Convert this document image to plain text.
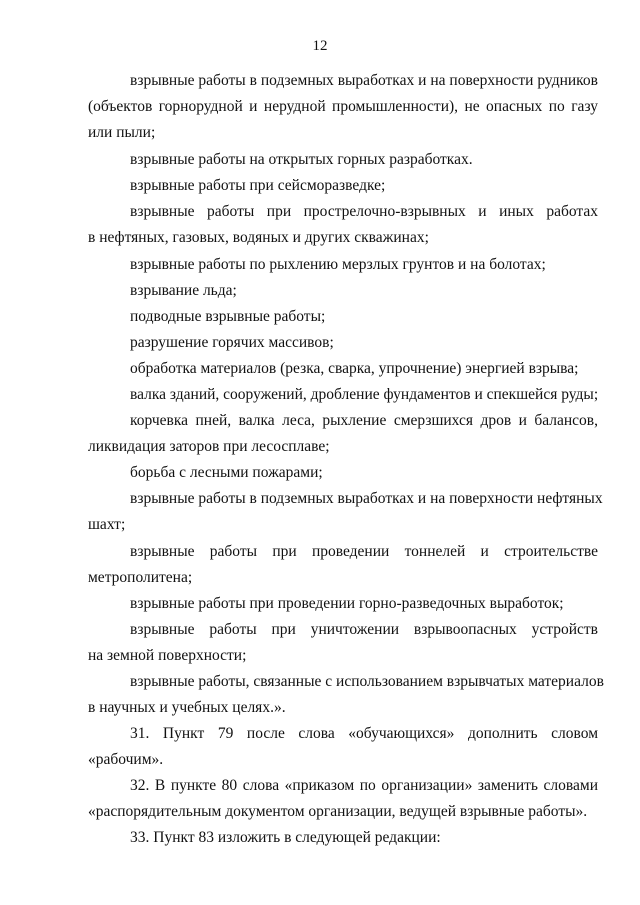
12
взрывные работы в подземных выработках и на поверхности рудников
(объектов горнорудной и нерудной промышленности), не опасных по газу
или пыли;
взрывные работы на открытых горных разработках.
взрывные работы при сейсморазведке;
взрывные работы при прострелочно-взрывных и иных работах
в нефтяных, газовых, водяных и других скважинах;
взрывные работы по рыхлению мерзлых грунтов и на болотах;
взрывание льда;
подводные взрывные работы;
разрушение горячих массивов;
обработка материалов (резка, сварка, упрочнение) энергией взрыва;
валка зданий, сооружений, дробление фундаментов и спекшейся руды;
корчевка пней, валка леса, рыхление смерзшихся дров и балансов,
ликвидация заторов при лесосплаве;
борьба с лесными пожарами;
взрывные работы в подземных выработках и на поверхности нефтяных
шахт;
взрывные работы при проведении тоннелей и строительстве
метрополитена;
взрывные работы при проведении горно-разведочных выработок;
взрывные работы при уничтожении взрывоопасных устройств
на земной поверхности;
взрывные работы, связанные с использованием взрывчатых материалов
в научных и учебных целях.».
31. Пункт 79 после слова «обучающихся» дополнить словом
«рабочим».
32. В пункте 80 слова «приказом по организации» заменить словами
«распорядительным документом организации, ведущей взрывные работы».
33. Пункт 83 изложить в следующей редакции:
